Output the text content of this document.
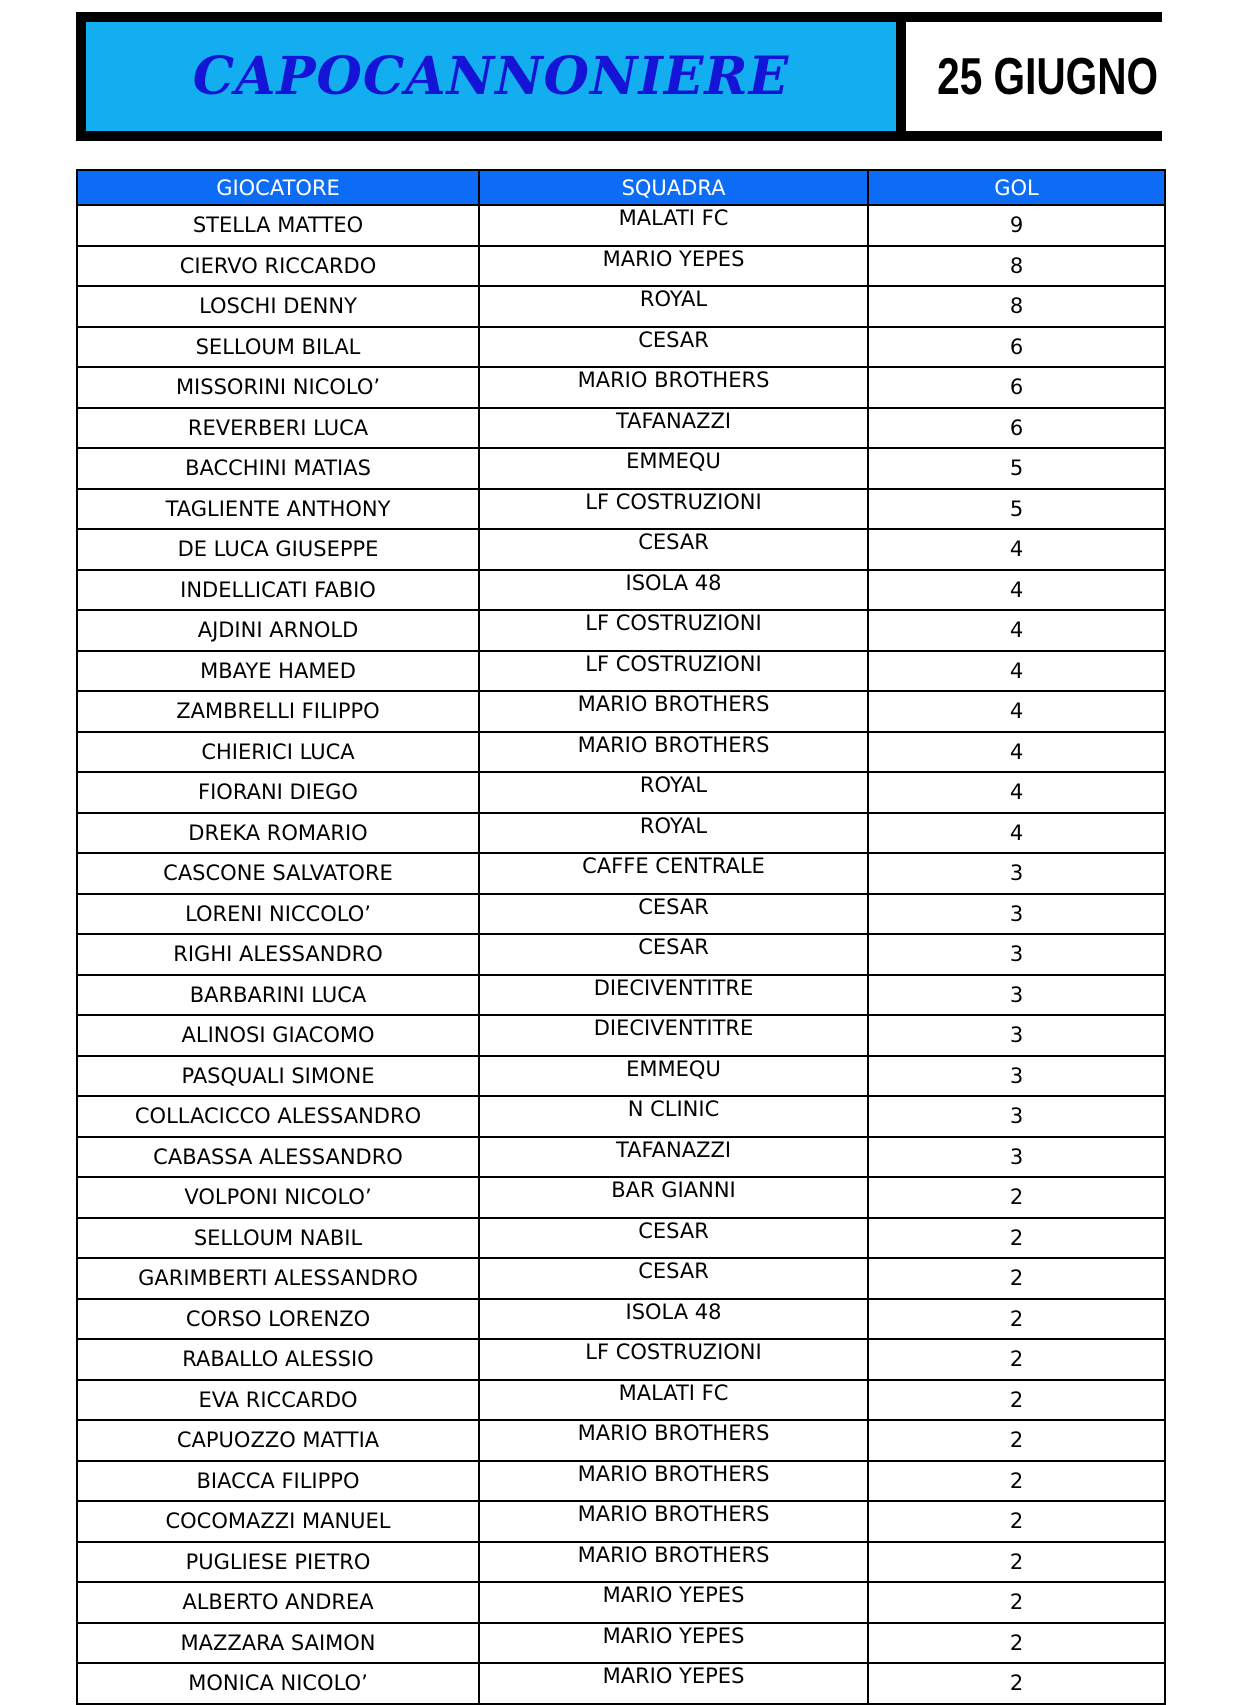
CAPOCANNONIERE	25 GIUGNO
GIOCATORE	SQUADRA	GOL
STELLA MATTEO	MALATI FC	9
CIERVO RICCARDO	MARIO YEPES	8
LOSCHI DENNY	ROYAL	8
SELLOUM BILAL	CESAR	6
MISSORINI NICOLO’	MARIO BROTHERS	6
REVERBERI LUCA	TAFANAZZI	6
BACCHINI MATIAS	EMMEQU	5
TAGLIENTE ANTHONY	LF COSTRUZIONI	5
DE LUCA GIUSEPPE	CESAR	4
INDELLICATI FABIO	ISOLA 48	4
AJDINI ARNOLD	LF COSTRUZIONI	4
MBAYE HAMED	LF COSTRUZIONI	4
ZAMBRELLI FILIPPO	MARIO BROTHERS	4
CHIERICI LUCA	MARIO BROTHERS	4
FIORANI DIEGO	ROYAL	4
DREKA ROMARIO	ROYAL	4
CASCONE SALVATORE	CAFFE CENTRALE	3
LORENI NICCOLO’	CESAR	3
RIGHI ALESSANDRO	CESAR	3
BARBARINI LUCA	DIECIVENTITRE	3
ALINOSI GIACOMO	DIECIVENTITRE	3
PASQUALI SIMONE	EMMEQU	3
COLLACICCO ALESSANDRO	N CLINIC	3
CABASSA ALESSANDRO	TAFANAZZI	3
VOLPONI NICOLO’	BAR GIANNI	2
SELLOUM NABIL	CESAR	2
GARIMBERTI ALESSANDRO	CESAR	2
CORSO LORENZO	ISOLA 48	2
RABALLO ALESSIO	LF COSTRUZIONI	2
EVA RICCARDO	MALATI FC	2
CAPUOZZO MATTIA	MARIO BROTHERS	2
BIACCA FILIPPO	MARIO BROTHERS	2
COCOMAZZI MANUEL	MARIO BROTHERS	2
PUGLIESE PIETRO	MARIO BROTHERS	2
ALBERTO ANDREA	MARIO YEPES	2
MAZZARA SAIMON	MARIO YEPES	2
MONICA NICOLO’	MARIO YEPES	2
